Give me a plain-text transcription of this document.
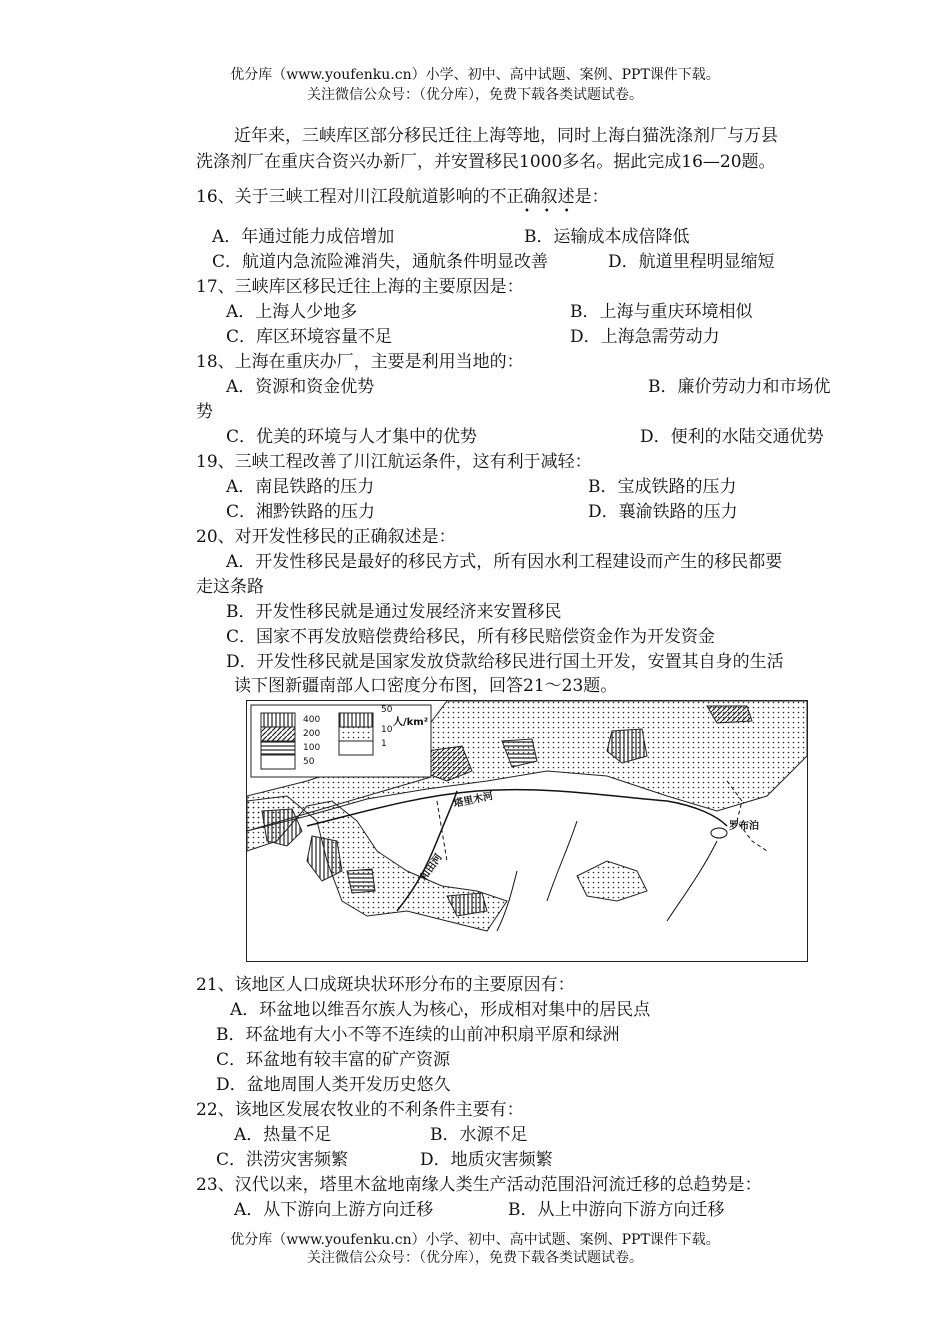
优分库（www.youfenku.cn）小学、初中、高中试题、案例、PPT课件下载。
关注微信公众号：（优分库），免费下载各类试题试卷。
近年来，三峡库区部分移民迁往上海等地，同时上海白猫洗涤剂厂与万县
洗涤剂厂在重庆合资兴办新厂，并安置移民1000多名。据此完成16—20题。
16、关于三峡工程对川江段航道影响的不正确叙述是：
•••
A．年通过能力成倍增加	B．运输成本成倍降低
C．航道内急流险滩消失，通航条件明显改善	D．航道里程明显缩短
17、三峡库区移民迁往上海的主要原因是：
A．上海人少地多	B．上海与重庆环境相似
C．库区环境容量不足	D．上海急需劳动力
18、上海在重庆办厂，主要是利用当地的：
A．资源和资金优势	B．廉价劳动力和市场优
势
C．优美的环境与人才集中的优势	D．便利的水陆交通优势
19、三峡工程改善了川江航运条件，这有利于减轻：
A．南昆铁路的压力	B．宝成铁路的压力
C．湘黔铁路的压力	D．襄渝铁路的压力
20、对开发性移民的正确叙述是：
A．开发性移民是最好的移民方式，所有因水利工程建设而产生的移民都要
走这条路
B．开发性移民就是通过发展经济来安置移民
C．国家不再发放赔偿费给移民，所有移民赔偿资金作为开发资金
D．开发性移民就是国家发放贷款给移民进行国土开发，安置其自身的生活
读下图新疆南部人口密度分布图，回答21～23题。
400
200
100
50
50
10
1
人/km²
塔里木河
和田河
罗布泊
21、该地区人口成斑块状环形分布的主要原因有：
A．环盆地以维吾尔族人为核心，形成相对集中的居民点
B．环盆地有大小不等不连续的山前冲积扇平原和绿洲
C．环盆地有较丰富的矿产资源
D．盆地周围人类开发历史悠久
22、该地区发展农牧业的不利条件主要有：
A．热量不足	B．水源不足
C．洪涝灾害频繁	D．地质灾害频繁
23、汉代以来，塔里木盆地南缘人类生产活动范围沿河流迁移的总趋势是：
A．从下游向上游方向迁移	B．从上中游向下游方向迁移
优分库（www.youfenku.cn）小学、初中、高中试题、案例、PPT课件下载。
关注微信公众号：（优分库），免费下载各类试题试卷。
